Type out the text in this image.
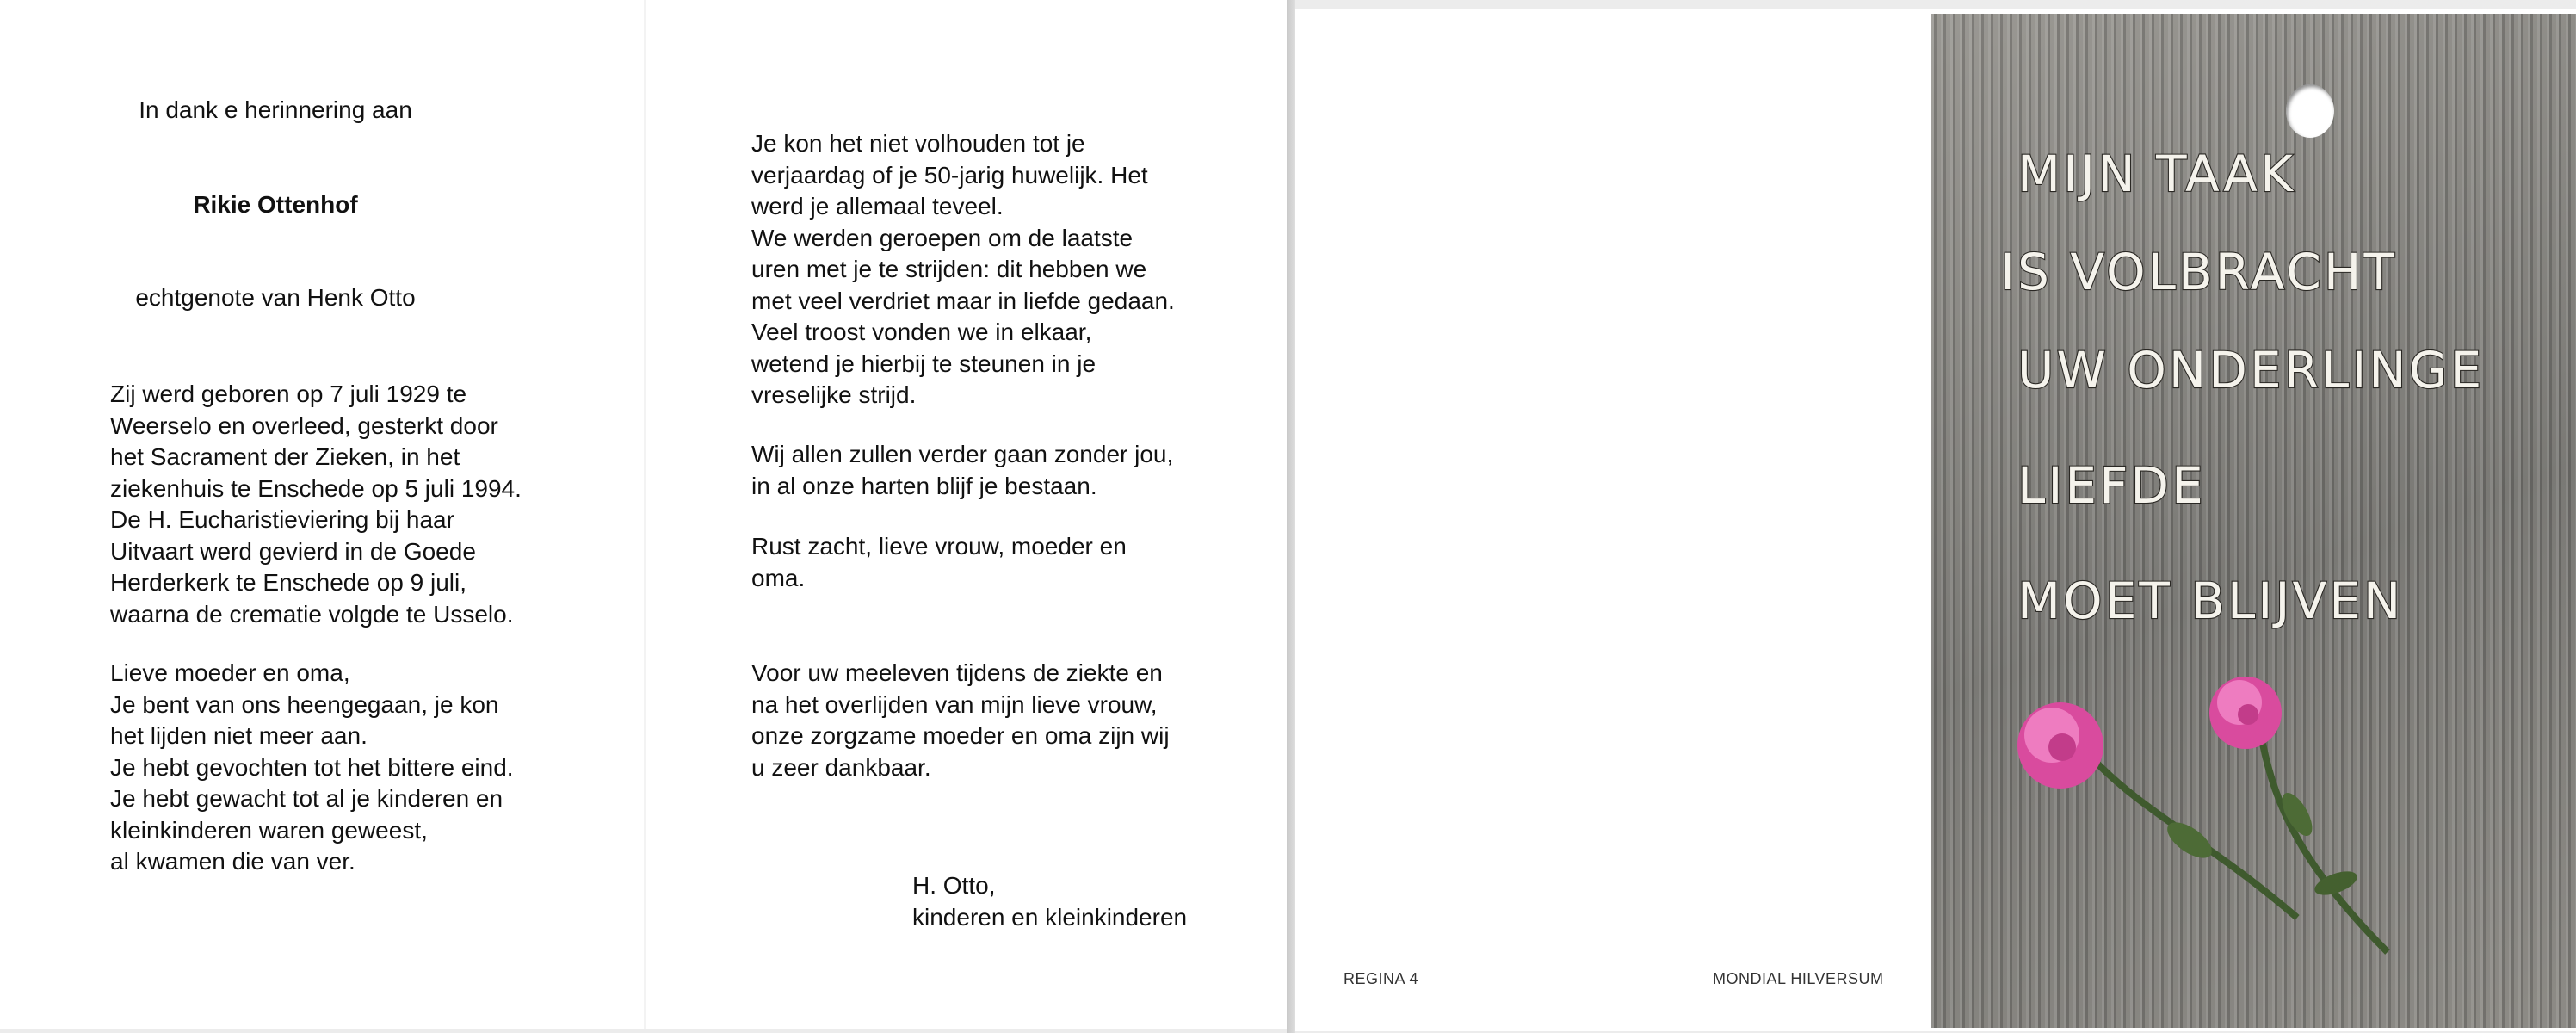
In dank e herinnering aan
Rikie Ottenhof
echtgenote van Henk Otto
Zij werd geboren op 7 juli 1929 te
Weerselo en overleed, gesterkt door
het Sacrament der Zieken, in het
ziekenhuis te Enschede op 5 juli 1994.
De H. Eucharistieviering bij haar
Uitvaart werd gevierd in de Goede
Herderkerk te Enschede op 9 juli,
waarna de crematie volgde te Usselo.
Lieve moeder en oma,
Je bent van ons heengegaan, je kon
het lijden niet meer aan.
Je hebt gevochten tot het bittere eind.
Je hebt gewacht tot al je kinderen en
kleinkinderen waren geweest,
al kwamen die van ver.
Je kon het niet volhouden tot je
verjaardag of je 50-jarig huwelijk. Het
werd je allemaal teveel.
We werden geroepen om de laatste
uren met je te strijden: dit hebben we
met veel verdriet maar in liefde gedaan.
Veel troost vonden we in elkaar,
wetend je hierbij te steunen in je
vreselijke strijd.
Wij allen zullen verder gaan zonder jou,
in al onze harten blijf je bestaan.
Rust zacht, lieve vrouw, moeder en
oma.
Voor uw meeleven tijdens de ziekte en
na het overlijden van mijn lieve vrouw,
onze zorgzame moeder en oma zijn wij
u zeer dankbaar.
H. Otto,
kinderen en kleinkinderen
REGINA 4	MONDIAL HILVERSUM
MIJN TAAK
IS VOLBRACHT
UW ONDERLINGE
LIEFDE
MOET BLIJVEN
